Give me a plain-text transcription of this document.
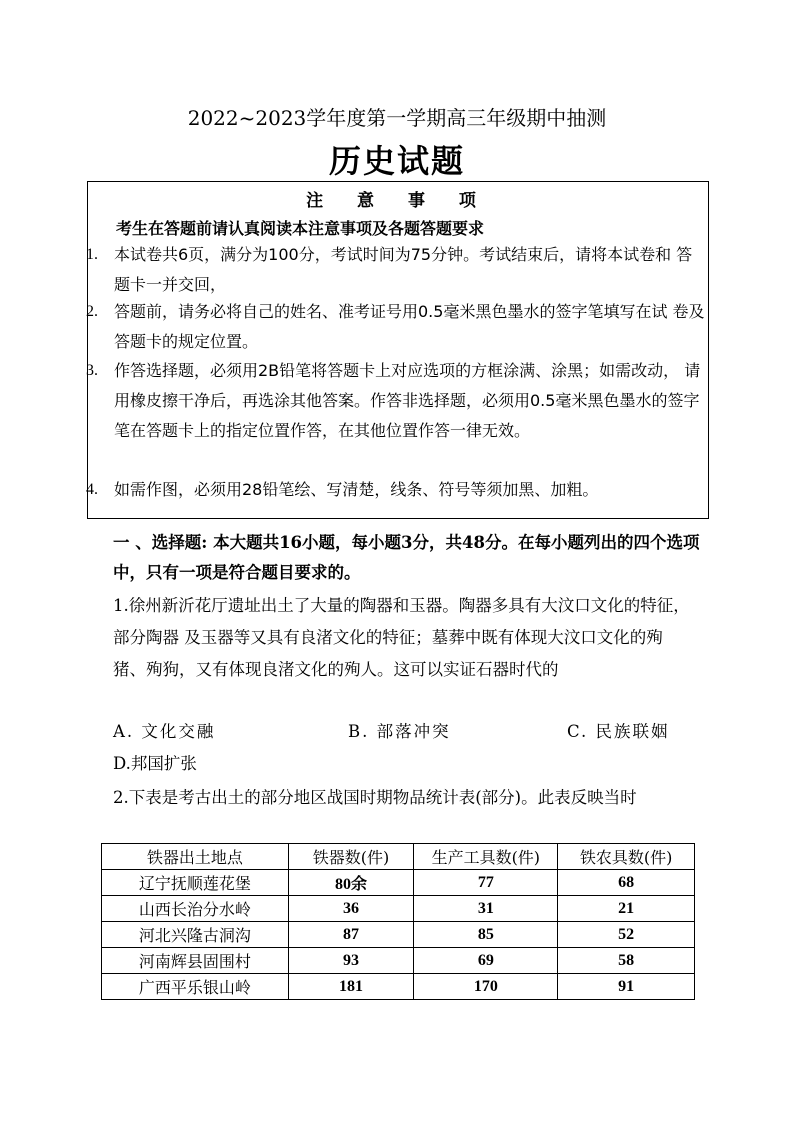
2022~2023学年度第一学期高三年级期中抽测
历史试题
注 意 事 项
考生在答题前请认真阅读本注意事项及各题答题要求
1. 本试卷共6页，满分为100分，考试时间为75分钟。考试结束后，请将本试卷和 答题卡一并交回，
2. 答题前，请务必将自己的姓名、准考证号用0.5毫米黑色墨水的签字笔填写在试 卷及答题卡的规定位置。
3. 作答选择题，必须用2B铅笔将答题卡上对应选项的方框涂满、涂黑；如需改动， 请用橡皮擦干净后，再选涂其他答案。作答非选择题，必须用0.5毫米黑色墨水的签字 笔在答题卡上的指定位置作答，在其他位置作答一律无效。
4. 如需作图，必须用28铅笔绘、写清楚，线条、符号等须加黑、加粗。
一 、选择题: 本大题共16小题，每小题3分，共48分。在每小题列出的四个选项中，只有一项是符合题目要求的。
1.徐州新沂花厅遗址出土了大量的陶器和玉器。陶器多具有大汶口文化的特征，部分陶器 及玉器等又具有良渚文化的特征；墓葬中既有体现大汶口文化的殉猪、殉狗，又有体现良渚文化的殉人。这可以实证石器时代的
A. 文化交融	B. 部落冲突	C. 民族联姻
D.邦国扩张
2.下表是考古出土的部分地区战国时期物品统计表(部分)。此表反映当时
铁器出土地点	铁器数(件)	生产工具数(件)	铁农具数(件)
辽宁抚顺莲花堡	80余	77	68
山西长治分水岭	36	31	21
河北兴隆古洞沟	87	85	52
河南辉县固围村	93	69	58
广西平乐银山岭	181	170	91
